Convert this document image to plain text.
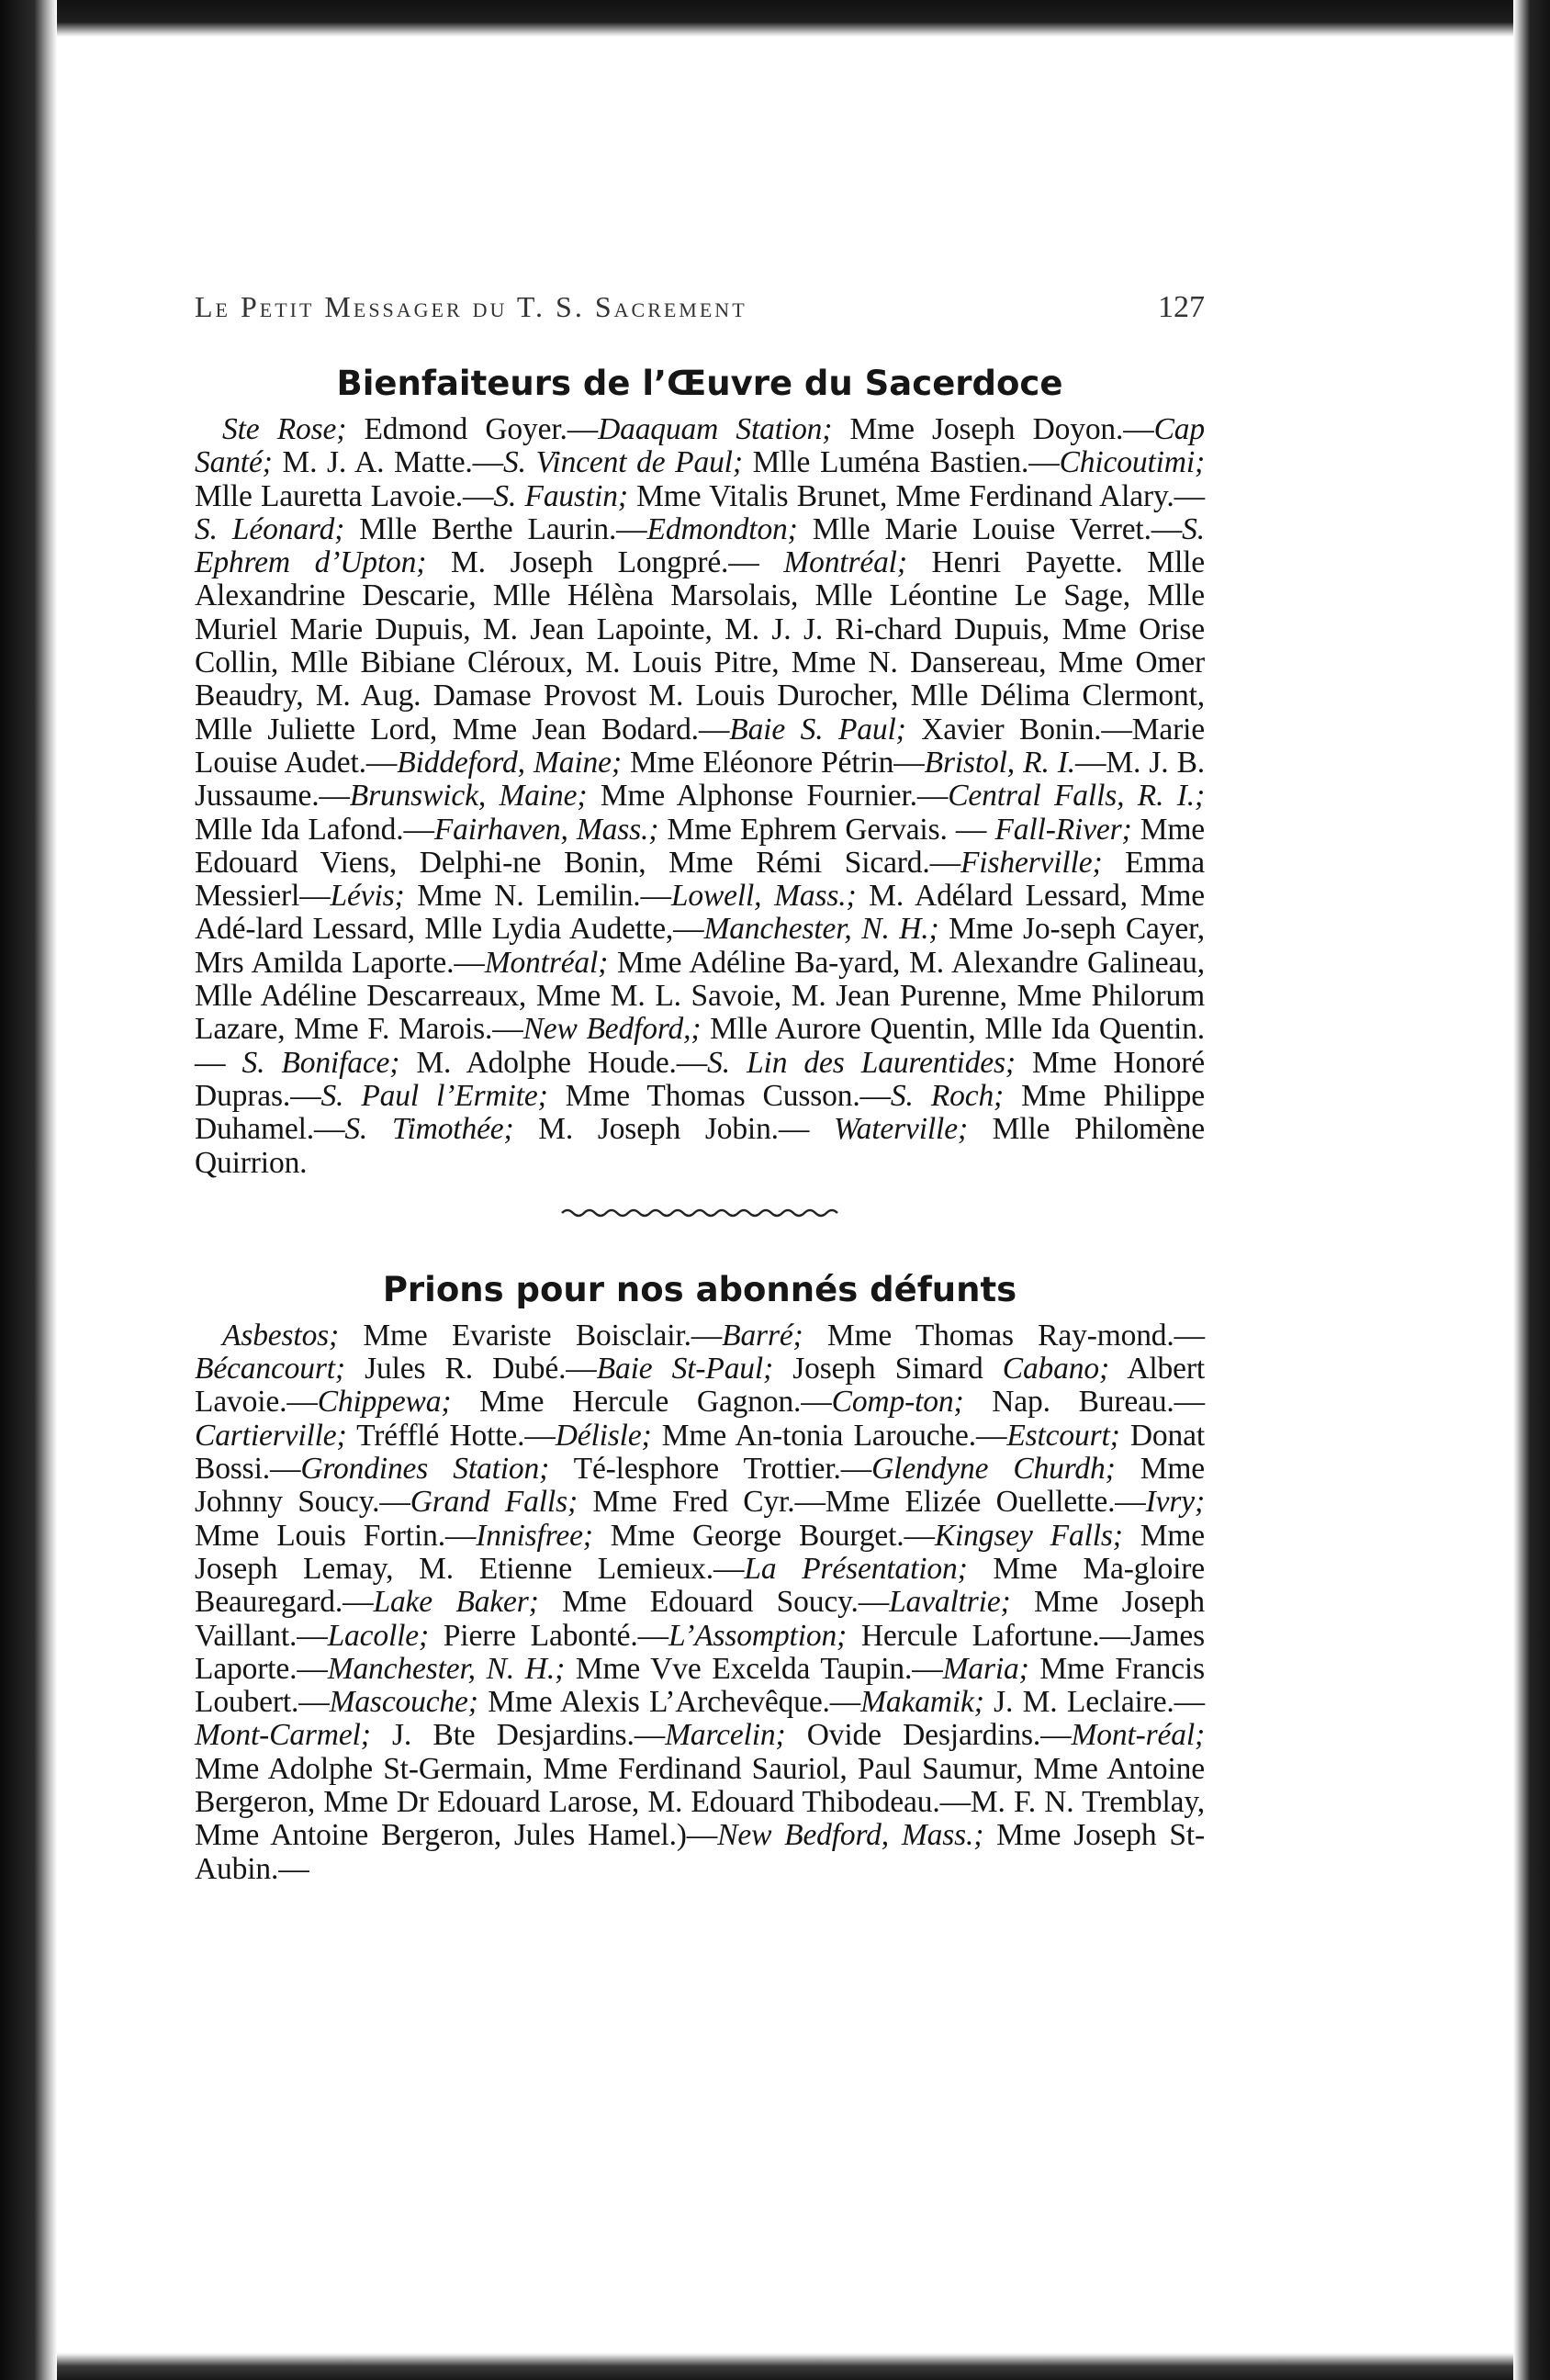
Le Petit Messager du T. S. Sacrement	127
Bienfaiteurs de l’Œuvre du Sacerdoce

Ste Rose; Edmond Goyer.—Daaquam Station; Mme Joseph Doyon.—Cap Santé; M. J. A. Matte.—S. Vincent de Paul; Mlle Luména Bastien.—Chicoutimi; Mlle Lauretta Lavoie.—S. Faustin; Mme Vitalis Brunet, Mme Ferdinand Alary.—S. Léonard; Mlle Berthe Laurin.—Edmondton; Mlle Marie Louise Verret.—S. Ephrem d’Upton; M. Joseph Longpré.— Montréal; Henri Payette. Mlle Alexandrine Descarie, Mlle Hélèna Marsolais, Mlle Léontine Le Sage, Mlle Muriel Marie Dupuis, M. Jean Lapointe, M. J. J. Ri-chard Dupuis, Mme Orise Collin, Mlle Bibiane Cléroux, M. Louis Pitre, Mme N. Dansereau, Mme Omer Beaudry, M. Aug. Damase Provost M. Louis Durocher, Mlle Délima Clermont, Mlle Juliette Lord, Mme Jean Bodard.—Baie S. Paul; Xavier Bonin.—Marie Louise Audet.—Biddeford, Maine; Mme Eléonore Pétrin—Bristol, R. I.—M. J. B. Jussaume.—Brunswick, Maine; Mme Alphonse Fournier.—Central Falls, R. I.; Mlle Ida Lafond.—Fairhaven, Mass.; Mme Ephrem Gervais. — Fall-River; Mme Edouard Viens, Delphi-ne Bonin, Mme Rémi Sicard.—Fisherville; Emma Messierl—Lévis; Mme N. Lemilin.—Lowell, Mass.; M. Adélard Lessard, Mme Adé-lard Lessard, Mlle Lydia Audette,—Manchester, N. H.; Mme Jo-seph Cayer, Mrs Amilda Laporte.—Montréal; Mme Adéline Ba-yard, M. Alexandre Galineau, Mlle Adéline Descarreaux, Mme M. L. Savoie, M. Jean Purenne, Mme Philorum Lazare, Mme F. Marois.—New Bedford,; Mlle Aurore Quentin, Mlle Ida Quentin.— S. Boniface; M. Adolphe Houde.—S. Lin des Laurentides; Mme Honoré Dupras.—S. Paul l’Ermite; Mme Thomas Cusson.—S. Roch; Mme Philippe Duhamel.—S. Timothée; M. Joseph Jobin.— Waterville; Mlle Philomène Quirrion.

Prions pour nos abonnés défunts

Asbestos; Mme Evariste Boisclair.—Barré; Mme Thomas Ray-mond.—Bécancourt; Jules R. Dubé.—Baie St-Paul; Joseph Simard Cabano; Albert Lavoie.—Chippewa; Mme Hercule Gagnon.—Comp-ton; Nap. Bureau.—Cartierville; Tréfflé Hotte.—Délisle; Mme An-tonia Larouche.—Estcourt; Donat Bossi.—Grondines Station; Té-lesphore Trottier.—Glendyne Churdh; Mme Johnny Soucy.—Grand Falls; Mme Fred Cyr.—Mme Elizée Ouellette.—Ivry; Mme Louis Fortin.—Innisfree; Mme George Bourget.—Kingsey Falls; Mme Joseph Lemay, M. Etienne Lemieux.—La Présentation; Mme Ma-gloire Beauregard.—Lake Baker; Mme Edouard Soucy.—Lavaltrie; Mme Joseph Vaillant.—Lacolle; Pierre Labonté.—L’Assomption; Hercule Lafortune.—James Laporte.—Manchester, N. H.; Mme Vve Excelda Taupin.—Maria; Mme Francis Loubert.—Mascouche; Mme Alexis L’Archevêque.—Makamik; J. M. Leclaire.—Mont-Carmel; J. Bte Desjardins.—Marcelin; Ovide Desjardins.—Mont-réal; Mme Adolphe St-Germain, Mme Ferdinand Sauriol, Paul Saumur, Mme Antoine Bergeron, Mme Dr Edouard Larose, M. Edouard Thibodeau.—M. F. N. Tremblay, Mme Antoine Bergeron, Jules Hamel.)—New Bedford, Mass.; Mme Joseph St-Aubin.—
